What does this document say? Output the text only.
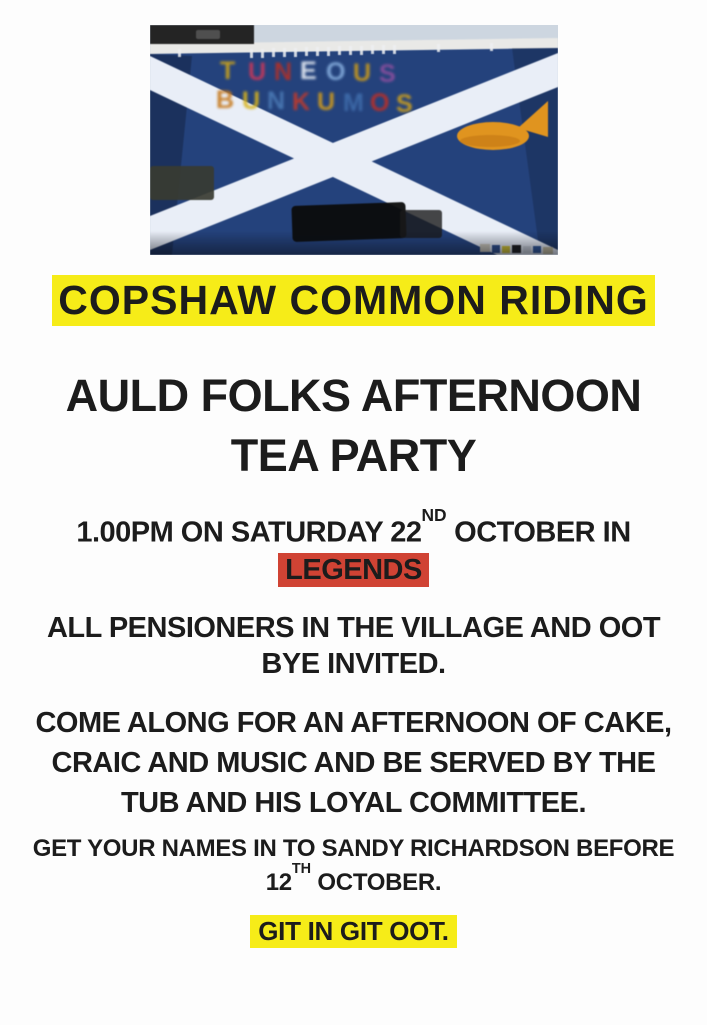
T U N E O U S
B U N K U M O S
COPSHAW COMMON RIDING
AULD FOLKS AFTERNOON
TEA PARTY

1.00PM ON SATURDAY 22ND OCTOBER IN

LEGENDS

ALL PENSIONERS IN THE VILLAGE AND OOT
BYE INVITED.

COME ALONG FOR AN AFTERNOON OF CAKE,
CRAIC AND MUSIC AND BE SERVED BY THE
TUB AND HIS LOYAL COMMITTEE.

GET YOUR NAMES IN TO SANDY RICHARDSON BEFORE
12TH OCTOBER.

GIT IN GIT OOT.
